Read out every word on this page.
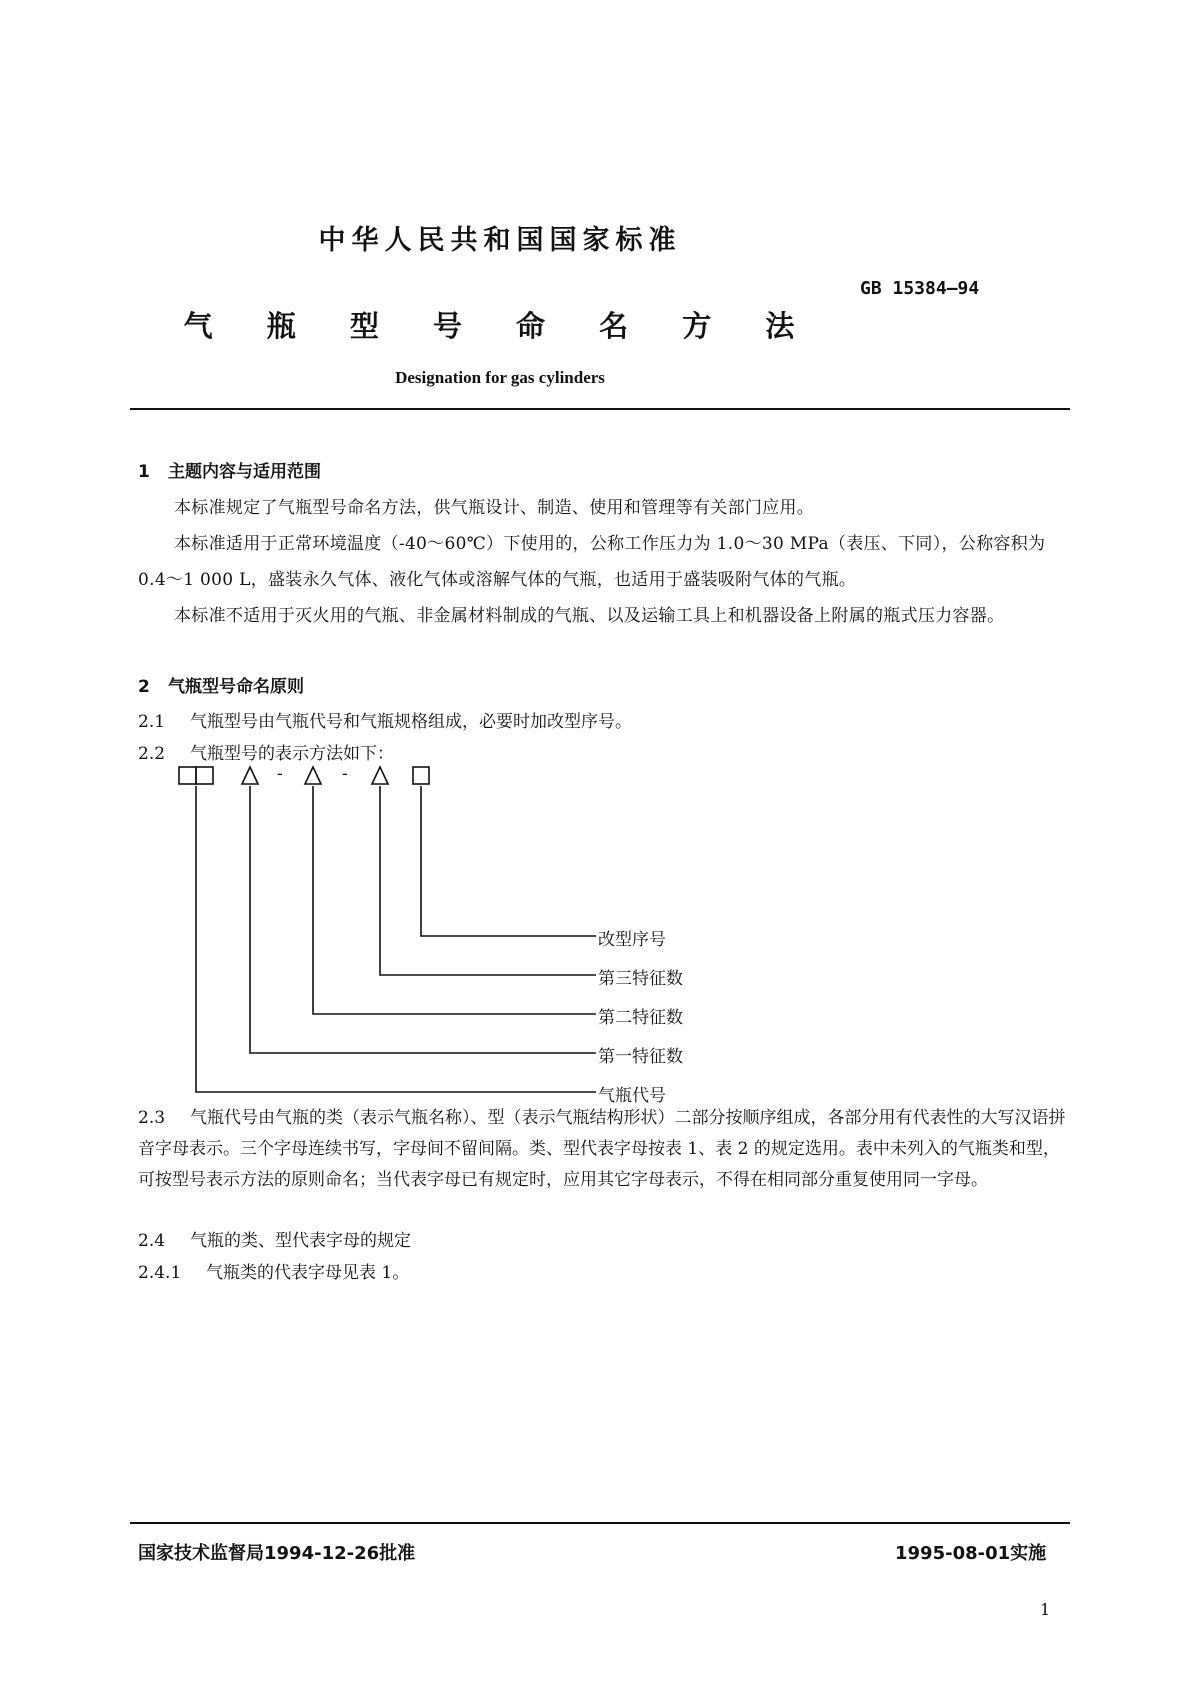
中华人民共和国国家标准
GB 15384—94
气 瓶 型 号 命 名 方 法
Designation for gas cylinders
1 主题内容与适用范围
本标准规定了气瓶型号命名方法，供气瓶设计、制造、使用和管理等有关部门应用。
本标准适用于正常环境温度（-40～60℃）下使用的，公称工作压力为 1.0～30 MPa（表压、下同），公称容积为 0.4～1 000 L，盛装永久气体、液化气体或溶解气体的气瓶，也适用于盛装吸附气体的气瓶。
本标准不适用于灭火用的气瓶、非金属材料制成的气瓶、以及运输工具上和机器设备上附属的瓶式压力容器。
2 气瓶型号命名原则
2.1 气瓶型号由气瓶代号和气瓶规格组成，必要时加改型序号。
2.2 气瓶型号的表示方法如下：
-	-
改型序号
第三特征数
第二特征数
第一特征数
气瓶代号
2.3 气瓶代号由气瓶的类（表示气瓶名称）、型（表示气瓶结构形状）二部分按顺序组成，各部分用有代表性的大写汉语拼音字母表示。三个字母连续书写，字母间不留间隔。类、型代表字母按表 1、表 2 的规定选用。表中未列入的气瓶类和型，可按型号表示方法的原则命名；当代表字母已有规定时，应用其它字母表示，不得在相同部分重复使用同一字母。
2.4 气瓶的类、型代表字母的规定
2.4.1 气瓶类的代表字母见表 1。
国家技术监督局1994-12-26批准	1995-08-01实施
1
